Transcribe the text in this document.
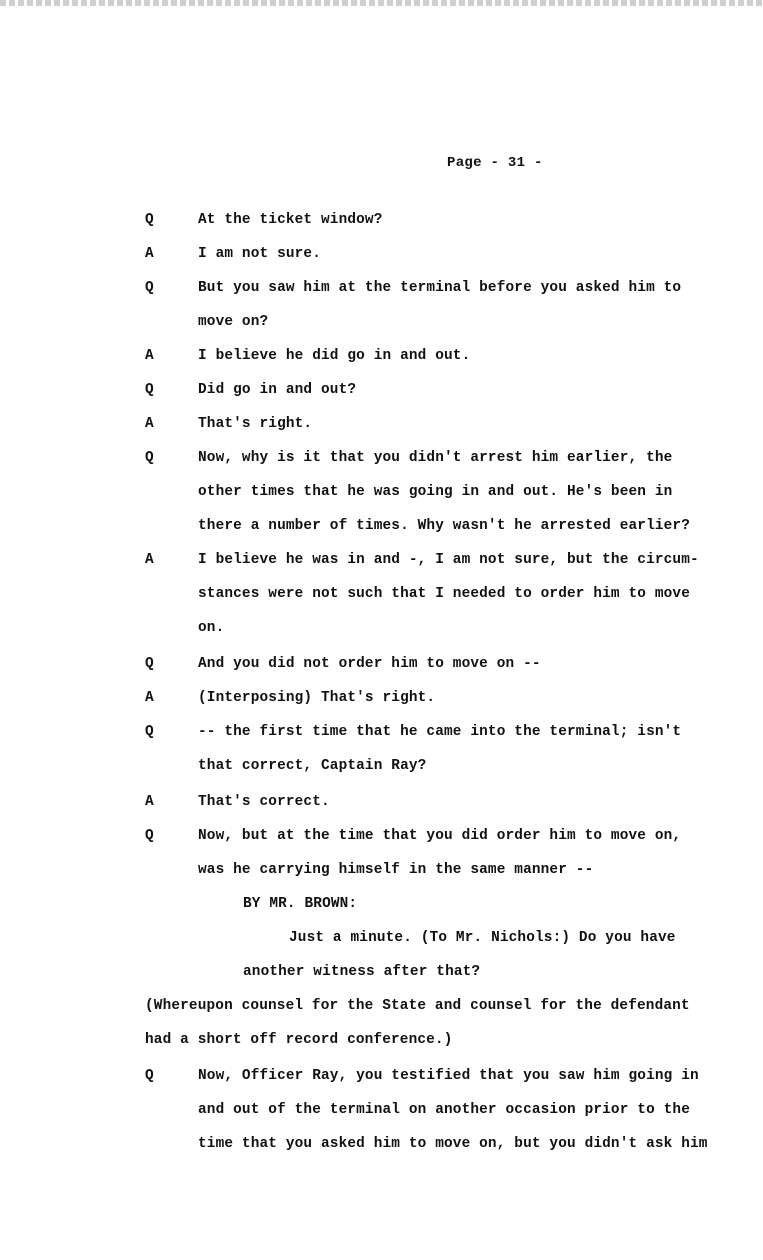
Page - 31 -
Q	At the ticket window?
A	I am not sure.
Q	But you saw him at the terminal before you asked him to
move on?
A	I believe he did go in and out.
Q	Did go in and out?
A	That's right.
Q	Now, why is it that you didn't arrest him earlier, the
other times that he was going in and out. He's been in
there a number of times. Why wasn't he arrested earlier?
A	I believe he was in and -, I am not sure, but the circum-
stances were not such that I needed to order him to move
on.
Q	And you did not order him to move on --
A	(Interposing) That's right.
Q	-- the first time that he came into the terminal; isn't
that correct, Captain Ray?
A	That's correct.
Q	Now, but at the time that you did order him to move on,
was he carrying himself in the same manner --
BY MR. BROWN:
Just a minute. (To Mr. Nichols:) Do you have
another witness after that?
(Whereupon counsel for the State and counsel for the defendant
had a short off record conference.)
Q	Now, Officer Ray, you testified that you saw him going in
and out of the terminal on another occasion prior to the
time that you asked him to move on, but you didn't ask him
